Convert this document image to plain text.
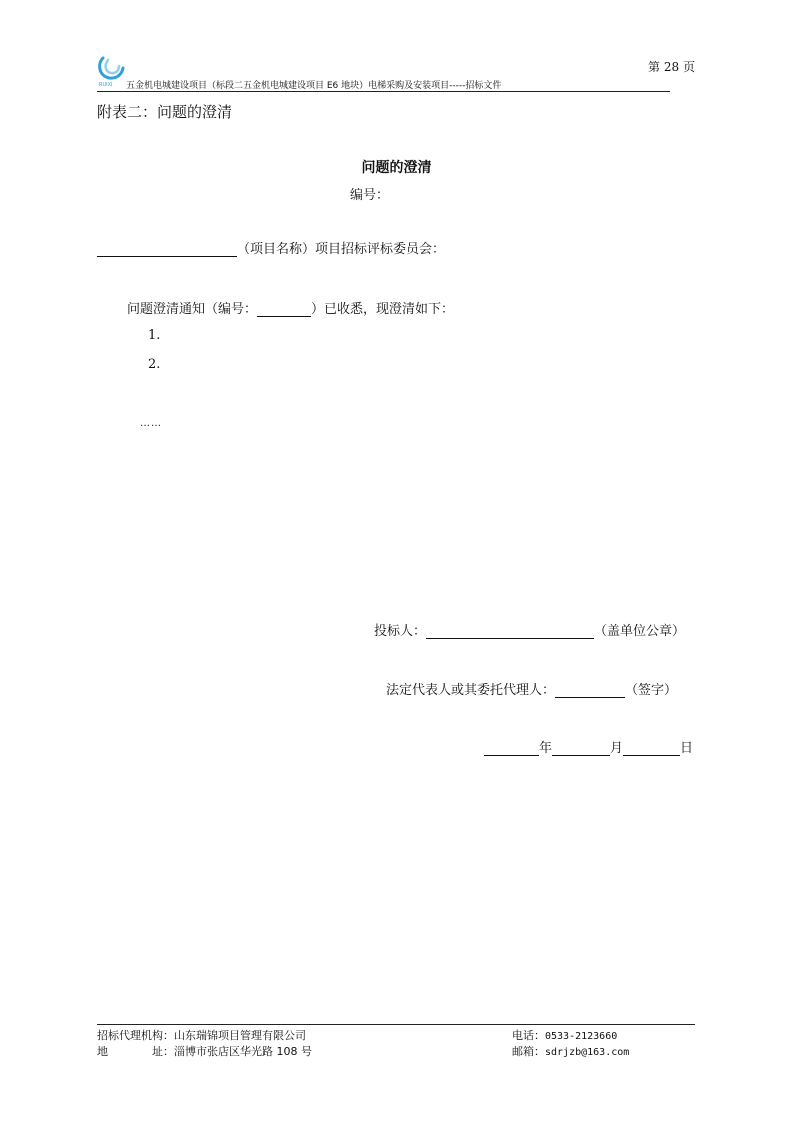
RUIXI
第 28 页
五金机电城建设项目（标段二五金机电城建设项目 E6 地块）电梯采购及安装项目-----招标文件
附表二：问题的澄清
问题的澄清
编号：
（项目名称）项目招标评标委员会：
问题澄清通知（编号：	）已收悉，现澄清如下：
1.
2.
……
投标人：	（盖单位公章）
法定代表人或其委托代理人：	（签字）
年	月	日
招标代理机构：山东瑞锦项目管理有限公司
地	址：淄博市张店区华光路 108 号
电话：0533-2123660
邮箱：sdrjzb@163.com
